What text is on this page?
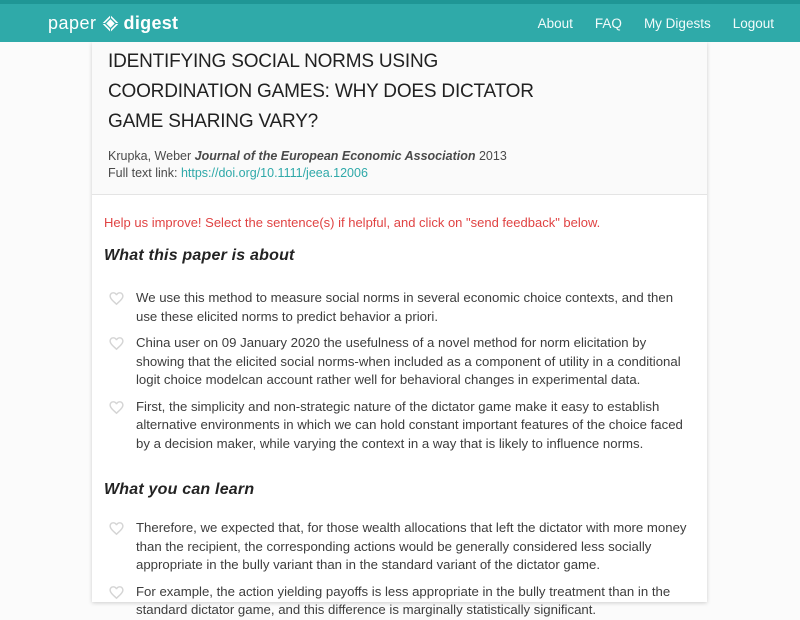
paper digest	About FAQ My Digests Logout
IDENTIFYING SOCIAL NORMS USING COORDINATION GAMES: WHY DOES DICTATOR GAME SHARING VARY?
Krupka, Weber Journal of the European Economic Association 2013
Full text link: https://doi.org/10.1111/jeea.12006
Help us improve! Select the sentence(s) if helpful, and click on "send feedback" below.
What this paper is about
We use this method to measure social norms in several economic choice contexts, and then use these elicited norms to predict behavior a priori.
China user on 09 January 2020 the usefulness of a novel method for norm elicitation by showing that the elicited social norms-when included as a component of utility in a conditional logit choice modelcan account rather well for behavioral changes in experimental data.
First, the simplicity and non-strategic nature of the dictator game make it easy to establish alternative environments in which we can hold constant important features of the choice faced by a decision maker, while varying the context in a way that is likely to influence norms.
What you can learn
Therefore, we expected that, for those wealth allocations that left the dictator with more money than the recipient, the corresponding actions would be generally considered less socially appropriate in the bully variant than in the standard variant of the dictator game.
For example, the action yielding payoffs is less appropriate in the bully treatment than in the standard dictator game, and this difference is marginally statistically significant.
